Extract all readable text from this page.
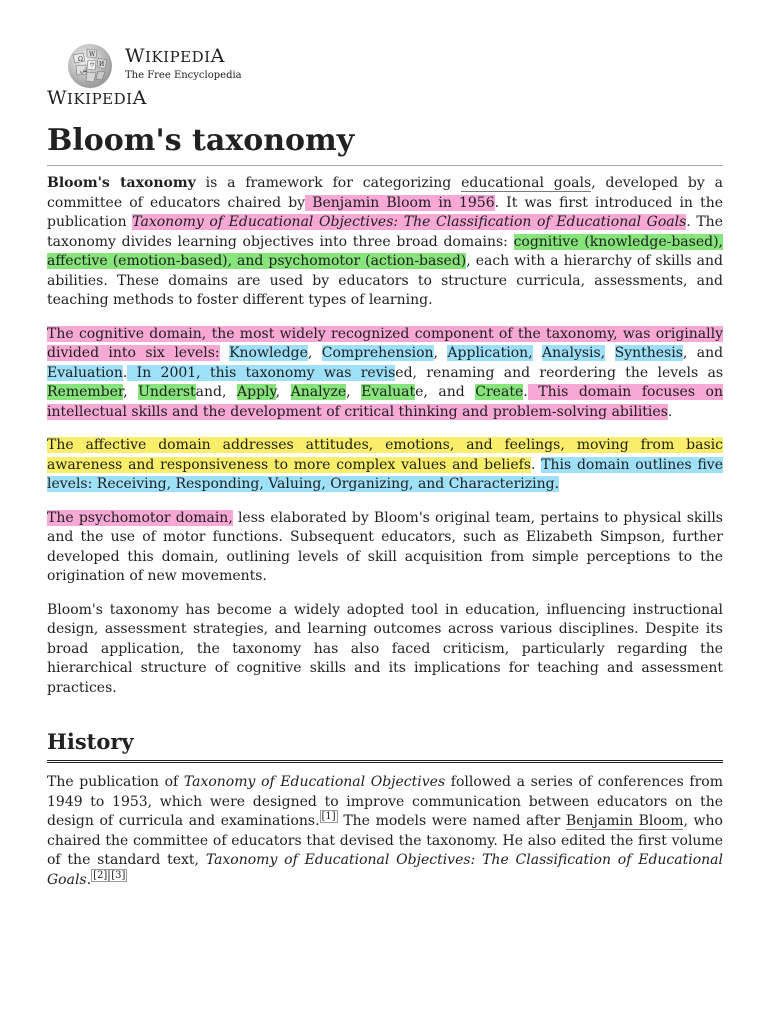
Ω
W
И
ش
ウ WIKIPEDIA
The Free Encyclopedia
WIKIPEDIA
Bloom's taxonomy

Bloom's taxonomy is a framework for categorizing educational goals, developed by a committee of educators chaired by Benjamin Bloom in 1956. It was first introduced in the publication Taxonomy of Educational Objectives: The Classification of Educational Goals. The taxonomy divides learning objectives into three broad domains: cognitive (knowledge-based), affective (emotion-based), and psychomotor (action-based), each with a hierarchy of skills and abilities. These domains are used by educators to structure curricula, assessments, and teaching methods to foster different types of learning.

The cognitive domain, the most widely recognized component of the taxonomy, was originally divided into six levels: Knowledge, Comprehension, Application, Analysis, Synthesis, and Evaluation. In 2001, this taxonomy was revised, renaming and reordering the levels as Remember, Understand, Apply, Analyze, Evaluate, and Create. This domain focuses on intellectual skills and the development of critical thinking and problem-solving abilities.

The affective domain addresses attitudes, emotions, and feelings, moving from basic awareness and responsiveness to more complex values and beliefs. This domain outlines five levels: Receiving, Responding, Valuing, Organizing, and Characterizing.

The psychomotor domain, less elaborated by Bloom's original team, pertains to physical skills and the use of motor functions. Subsequent educators, such as Elizabeth Simpson, further developed this domain, outlining levels of skill acquisition from simple perceptions to the origination of new movements.

Bloom's taxonomy has become a widely adopted tool in education, influencing instructional design, assessment strategies, and learning outcomes across various disciplines. Despite its broad application, the taxonomy has also faced criticism, particularly regarding the hierarchical structure of cognitive skills and its implications for teaching and assessment practices.

History

The publication of Taxonomy of Educational Objectives followed a series of conferences from 1949 to 1953, which were designed to improve communication between educators on the design of curricula and examinations. [1] The models were named after Benjamin Bloom, who chaired the committee of educators that devised the taxonomy. He also edited the first volume of the standard text, Taxonomy of Educational Objectives: The Classification of Educational Goals. [2] [3]
